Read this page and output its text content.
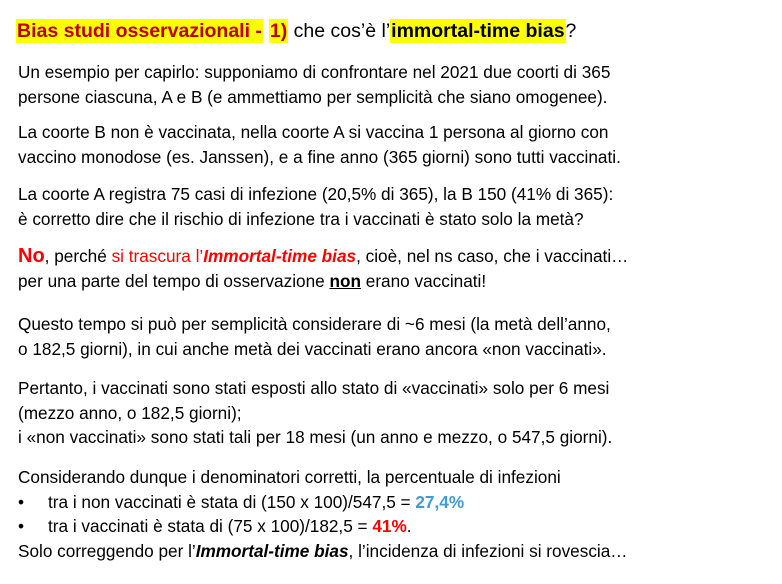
Bias studi osservazionali - 1) che cos’è l’immortal-time bias?
Un esempio per capirlo: supponiamo di confrontare nel 2021 due coorti di 365
persone ciascuna, A e B (e ammettiamo per semplicità che siano omogenee).
La coorte B non è vaccinata, nella coorte A si vaccina 1 persona al giorno con
vaccino monodose (es. Janssen), e a fine anno (365 giorni) sono tutti vaccinati.
La coorte A registra 75 casi di infezione (20,5% di 365), la B 150 (41% di 365):
è corretto dire che il rischio di infezione tra i vaccinati è stato solo la metà?
No, perché si trascura l’Immortal-time bias, cioè, nel ns caso, che i vaccinati…
per una parte del tempo di osservazione non erano vaccinati!
Questo tempo si può per semplicità considerare di ~6 mesi (la metà dell’anno,
o 182,5 giorni), in cui anche metà dei vaccinati erano ancora «non vaccinati».
Pertanto, i vaccinati sono stati esposti allo stato di «vaccinati» solo per 6 mesi
(mezzo anno, o 182,5 giorni);
i «non vaccinati» sono stati tali per 18 mesi (un anno e mezzo, o 547,5 giorni).
Considerando dunque i denominatori corretti, la percentuale di infezioni
• tra i non vaccinati è stata di (150 x 100)/547,5 = 27,4%
• tra i vaccinati è stata di (75 x 100)/182,5 = 41%.
Solo correggendo per l’Immortal-time bias, l’incidenza di infezioni si rovescia…
